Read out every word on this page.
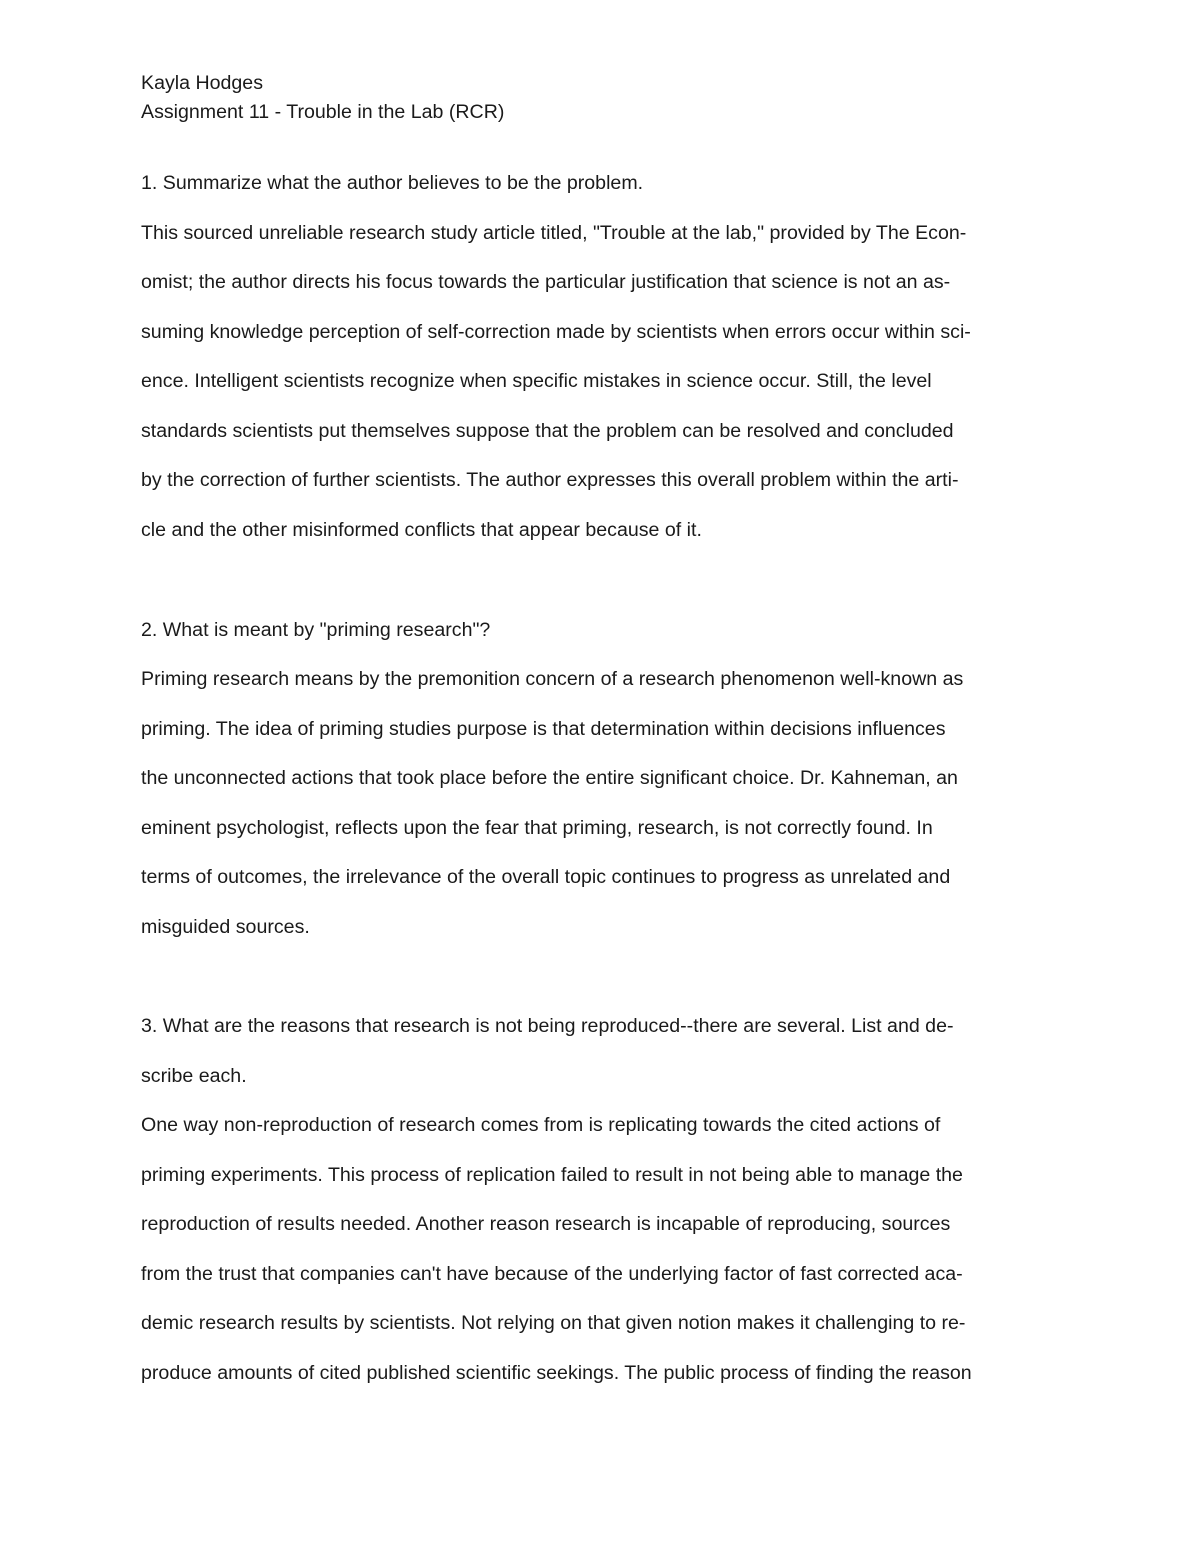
Kayla Hodges
Assignment 11 - Trouble in the Lab (RCR)
1. Summarize what the author believes to be the problem.
This sourced unreliable research study article titled, "Trouble at the lab," provided by The Econ-
omist; the author directs his focus towards the particular justification that science is not an as-
suming knowledge perception of self-correction made by scientists when errors occur within sci-
ence. Intelligent scientists recognize when specific mistakes in science occur. Still, the level
standards scientists put themselves suppose that the problem can be resolved and concluded
by the correction of further scientists. The author expresses this overall problem within the arti-
cle and the other misinformed conflicts that appear because of it.
2. What is meant by "priming research"?
Priming research means by the premonition concern of a research phenomenon well-known as
priming. The idea of priming studies purpose is that determination within decisions influences
the unconnected actions that took place before the entire significant choice. Dr. Kahneman, an
eminent psychologist, reflects upon the fear that priming, research, is not correctly found. In
terms of outcomes, the irrelevance of the overall topic continues to progress as unrelated and
misguided sources.
3. What are the reasons that research is not being reproduced--there are several. List and de-
scribe each.
One way non-reproduction of research comes from is replicating towards the cited actions of
priming experiments. This process of replication failed to result in not being able to manage the
reproduction of results needed. Another reason research is incapable of reproducing, sources
from the trust that companies can't have because of the underlying factor of fast corrected aca-
demic research results by scientists. Not relying on that given notion makes it challenging to re-
produce amounts of cited published scientific seekings. The public process of finding the reason
